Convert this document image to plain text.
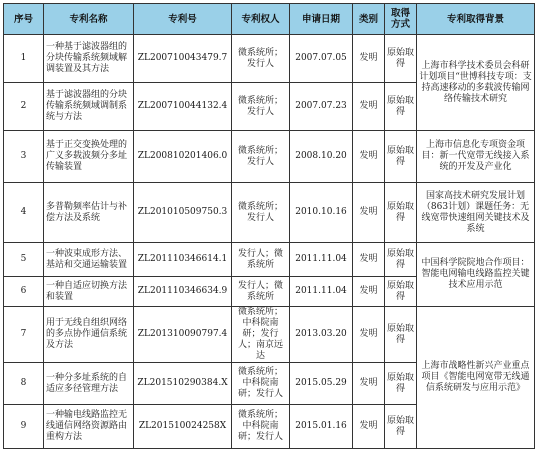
序号	专利名称	专利号	专利权人	申请日期	类别	取得方式	专利取得背景
1	一种基于滤波器组的分块传输系统频域解调装置及其方法	ZL200710043479.7	微系统所；发行人	2007.07.05	发明	原始取得	上海市科学技术委员会科研计划项目“世博科技专项：支持高速移动的多载波传输网络传输技术研究
2	基于滤波器组的分块传输系统频域调制系统与方法	ZL200710044132.4	微系统所；发行人	2007.07.23	发明	原始取得	
3	基于正交变换处理的广义多载波频分多址传输装置	ZL200810201406.0	微系统所；发行人	2008.10.20	发明	原始取得	上海市信息化专项资金项目：新一代宽带无线接入系统的开发及产业化
4	多普勒频率估计与补偿方法及系统	ZL201010509750.3	微系统所；发行人	2010.10.16	发明	原始取得	国家高技术研究发展计划（863计划）课题任务：无线宽带快速组网关键技术及系统
5	一种波束成形方法、基站和交通运输装置	ZL201110346614.1	发行人；微系统所	2011.11.04	发明	原始取得	中国科学院院地合作项目：智能电网输电线路监控关键技术应用示范
6	一种自适应切换方法和装置	ZL201110346634.9	发行人；微系统所	2011.11.04	发明	原始取得	
7	用于无线自组织网络的多点协作通信系统及方法	ZL201310090797.4	微系统所；中科院南研；发行人；南京远达	2013.03.20	发明	原始取得	上海市战略性新兴产业重点项目《智能电网宽带无线通信系统研发与应用示范》
8	一种分多址系统的自适应多径管理方法	ZL201510290384.X	微系统所；中科院南研；发行人	2015.05.29	发明	原始取得	
9	一种输电线路监控无线通信网络资源路由重构方法	ZL201510024258X	微系统所；中科院南研；发行人	2015.01.16	发明	原始取得	
